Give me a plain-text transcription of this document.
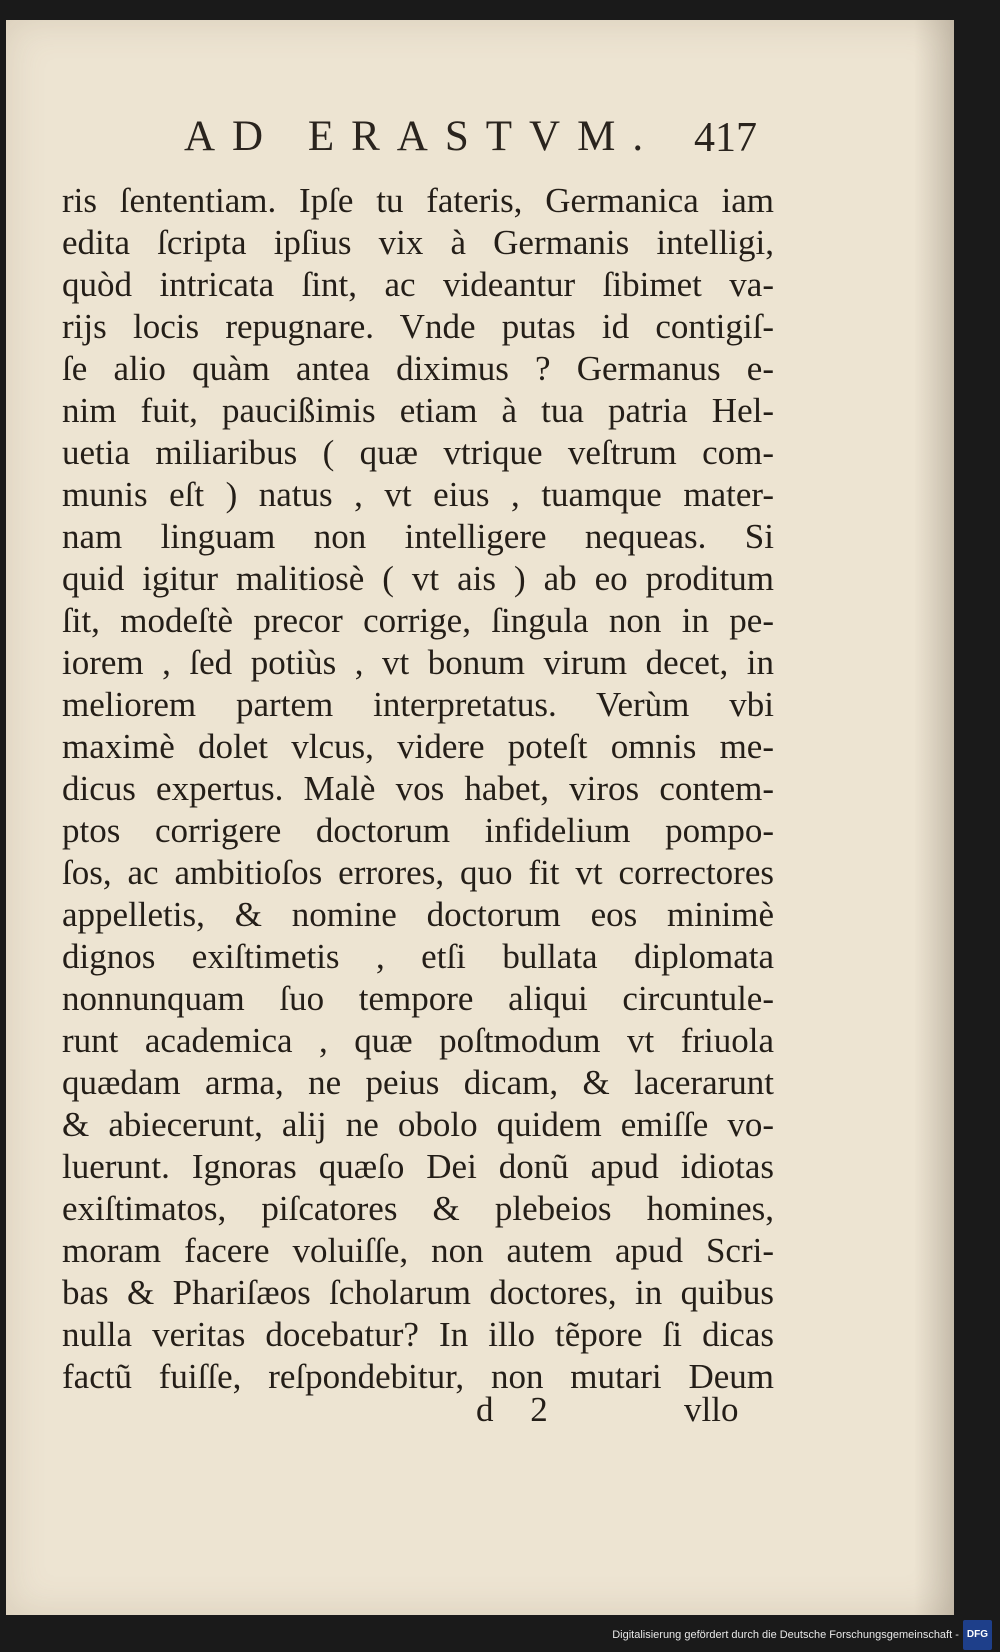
AD ERASTVM. 417
ris ſententiam. Ipſe tu fateris, Germanica iam
edita ſcripta ipſius vix à Germanis intelligi,
quòd intricata ſint, ac videantur ſibimet va-
rijs locis repugnare. Vnde putas id contigiſ-
ſe alio quàm antea diximus ? Germanus e-
nim fuit, paucißimis etiam à tua patria Hel-
uetia miliaribus ( quæ vtrique veſtrum com-
munis eſt ) natus , vt eius , tuamque mater-
nam linguam non intelligere nequeas. Si
quid igitur malitiosè ( vt ais ) ab eo proditum
ſit, modeſtè precor corrige, ſingula non in pe-
iorem , ſed potiùs , vt bonum virum decet, in
meliorem partem interpretatus. Verùm vbi
maximè dolet vlcus, videre poteſt omnis me-
dicus expertus. Malè vos habet, viros contem-
ptos corrigere doctorum infidelium pompo-
ſos, ac ambitioſos errores, quo fit vt correctores
appelletis, & nomine doctorum eos minimè
dignos exiſtimetis , etſi bullata diplomata
nonnunquam ſuo tempore aliqui circuntule-
runt academica , quæ poſtmodum vt friuola
quædam arma, ne peius dicam, & lacerarunt
& abiecerunt, alij ne obolo quidem emiſſe vo-
luerunt. Ignoras quæſo Dei donũ apud idiotas
exiſtimatos, piſcatores & plebeios homines,
moram facere voluiſſe, non autem apud Scri-
bas & Phariſæos ſcholarum doctores, in quibus
nulla veritas docebatur? In illo tẽpore ſi dicas
factũ fuiſſe, reſpondebitur, non mutari Deum
d 2	vllo
Digitalisierung gefördert durch die Deutsche Forschungsgemeinschaft - DFG
